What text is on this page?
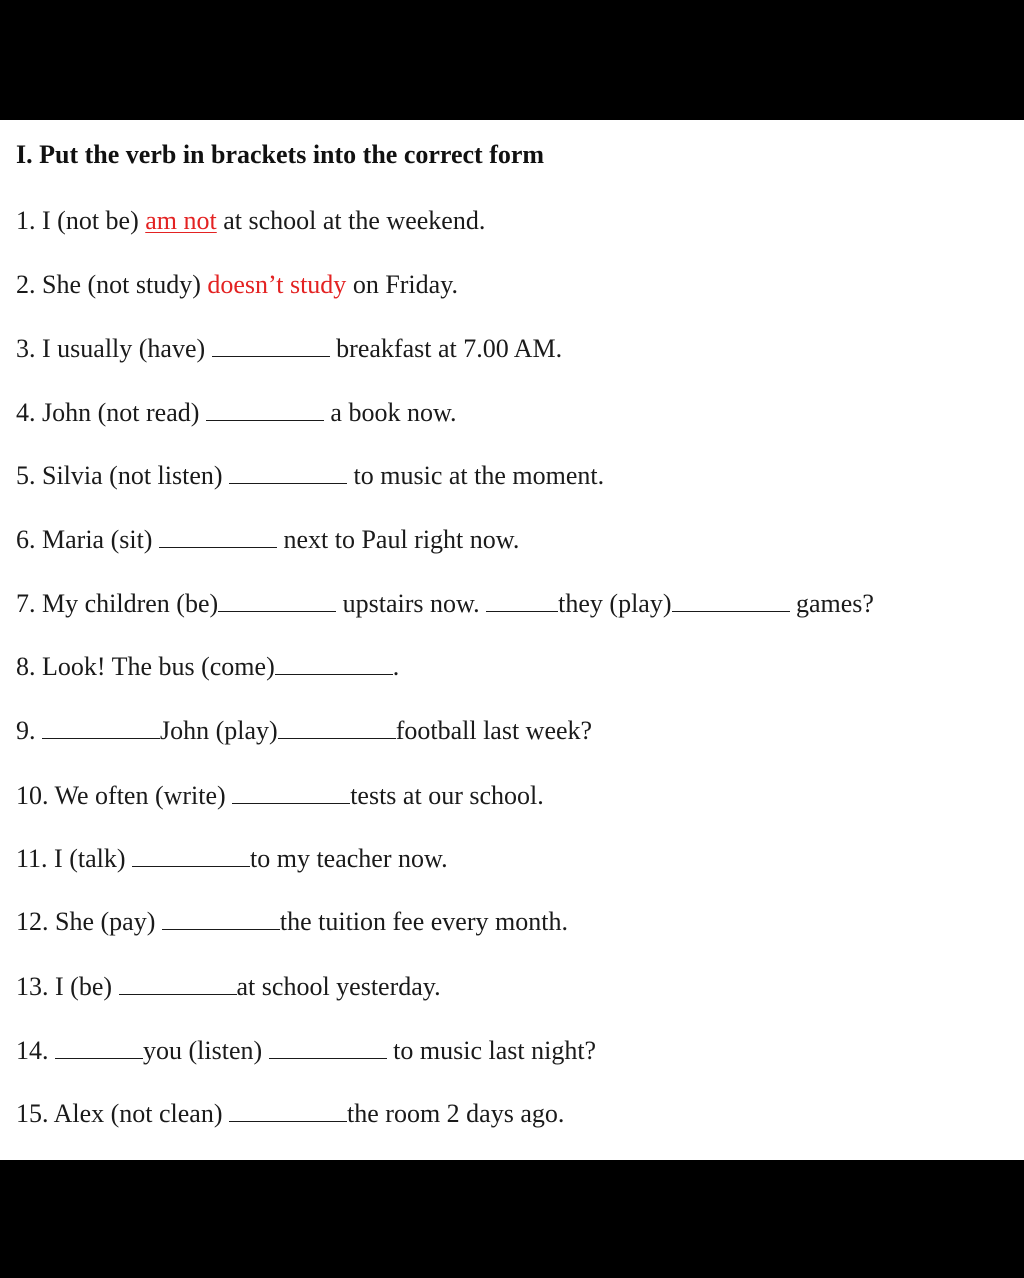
I. Put the verb in brackets into the correct form
1. I (not be) am not at school at the weekend.
2. She (not study) doesn’t study on Friday.
3. I usually (have)	breakfast at 7.00 AM.
4. John (not read)	a book now.
5. Silvia (not listen)	to music at the moment.
6. Maria (sit)	next to Paul right now.
7. My children (be)	upstairs now.	they (play)	games?
8. Look! The bus (come)	.
9.	John (play)	football last week?
10. We often (write)	tests at our school.
11. I (talk)	to my teacher now.
12. She (pay)	the tuition fee every month.
13. I (be)	at school yesterday.
14.	you (listen)	to music last night?
15. Alex (not clean)	the room 2 days ago.
